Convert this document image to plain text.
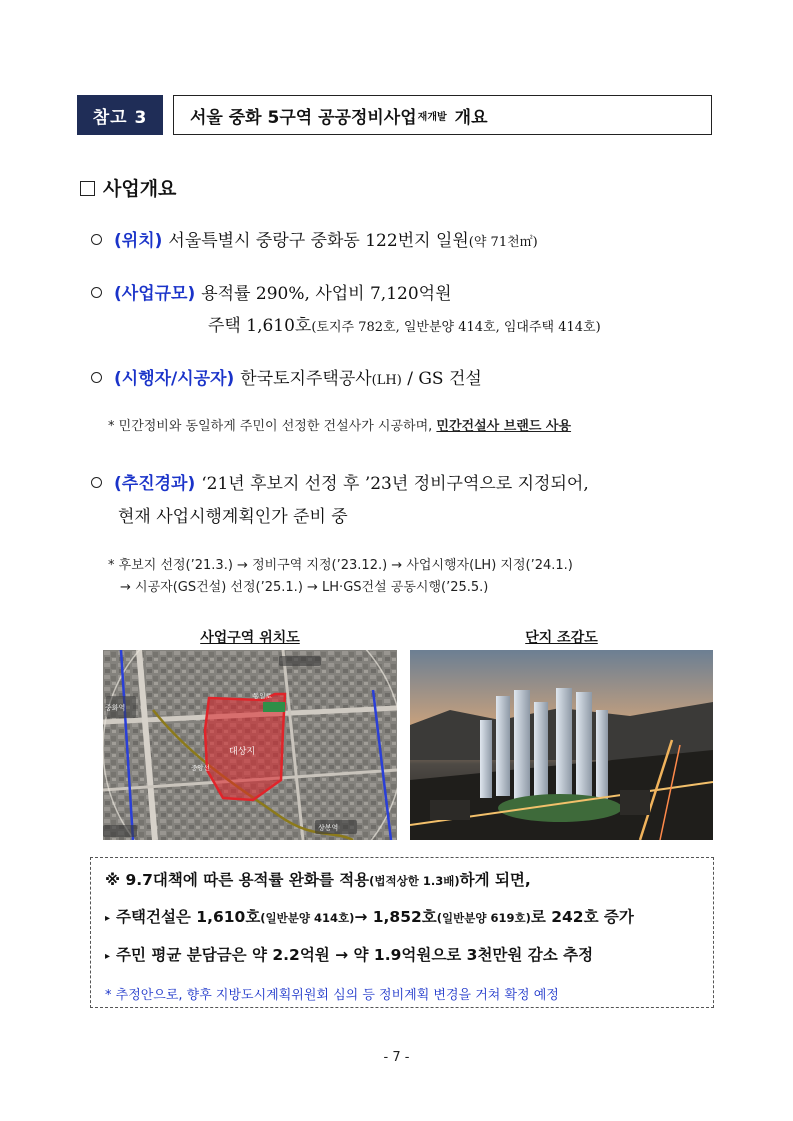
참고 3	서울 중화 5구역 공공정비사업 재개발 개요
사업개요
(위치) 서울특별시 중랑구 중화동 122번지 일원(약 71천㎡)
(사업규모) 용적률 290%, 사업비 7,120억원
주택 1,610호(토지주 782호, 일반분양 414호, 임대주택 414호)
(시행자/시공자) 한국토지주택공사(LH) / GS 건설
* 민간정비와 동일하게 주민이 선정한 건설사가 시공하며, 민간건설사 브랜드 사용
(추진경과) ‘21년 후보지 선정 후 ’23년 정비구역으로 지정되어,
현재 사업시행계획인가 준비 중
* 후보지 선정(’21.3.) → 정비구역 지정(’23.12.) → 사업시행자(LH) 지정(’24.1.)
→ 시공자(GS건설) 선정(’25.1.) → LH·GS건설 공동시행(’25.5.)
사업구역 위치도	단지 조감도
대상지
중화역
상봉역
동일로
중앙선
※ 9.7대책에 따른 용적률 완화를 적용(법적상한 1.3배)하게 되면,
▸ 주택건설은 1,610호(일반분양 414호)→ 1,852호(일반분양 619호)로 242호 증가
▸ 주민 평균 분담금은 약 2.2억원 → 약 1.9억원으로 3천만원 감소 추정
* 추정안으로, 향후 지방도시계획위원회 심의 등 정비계획 변경을 거쳐 확정 예정
- 7 -
